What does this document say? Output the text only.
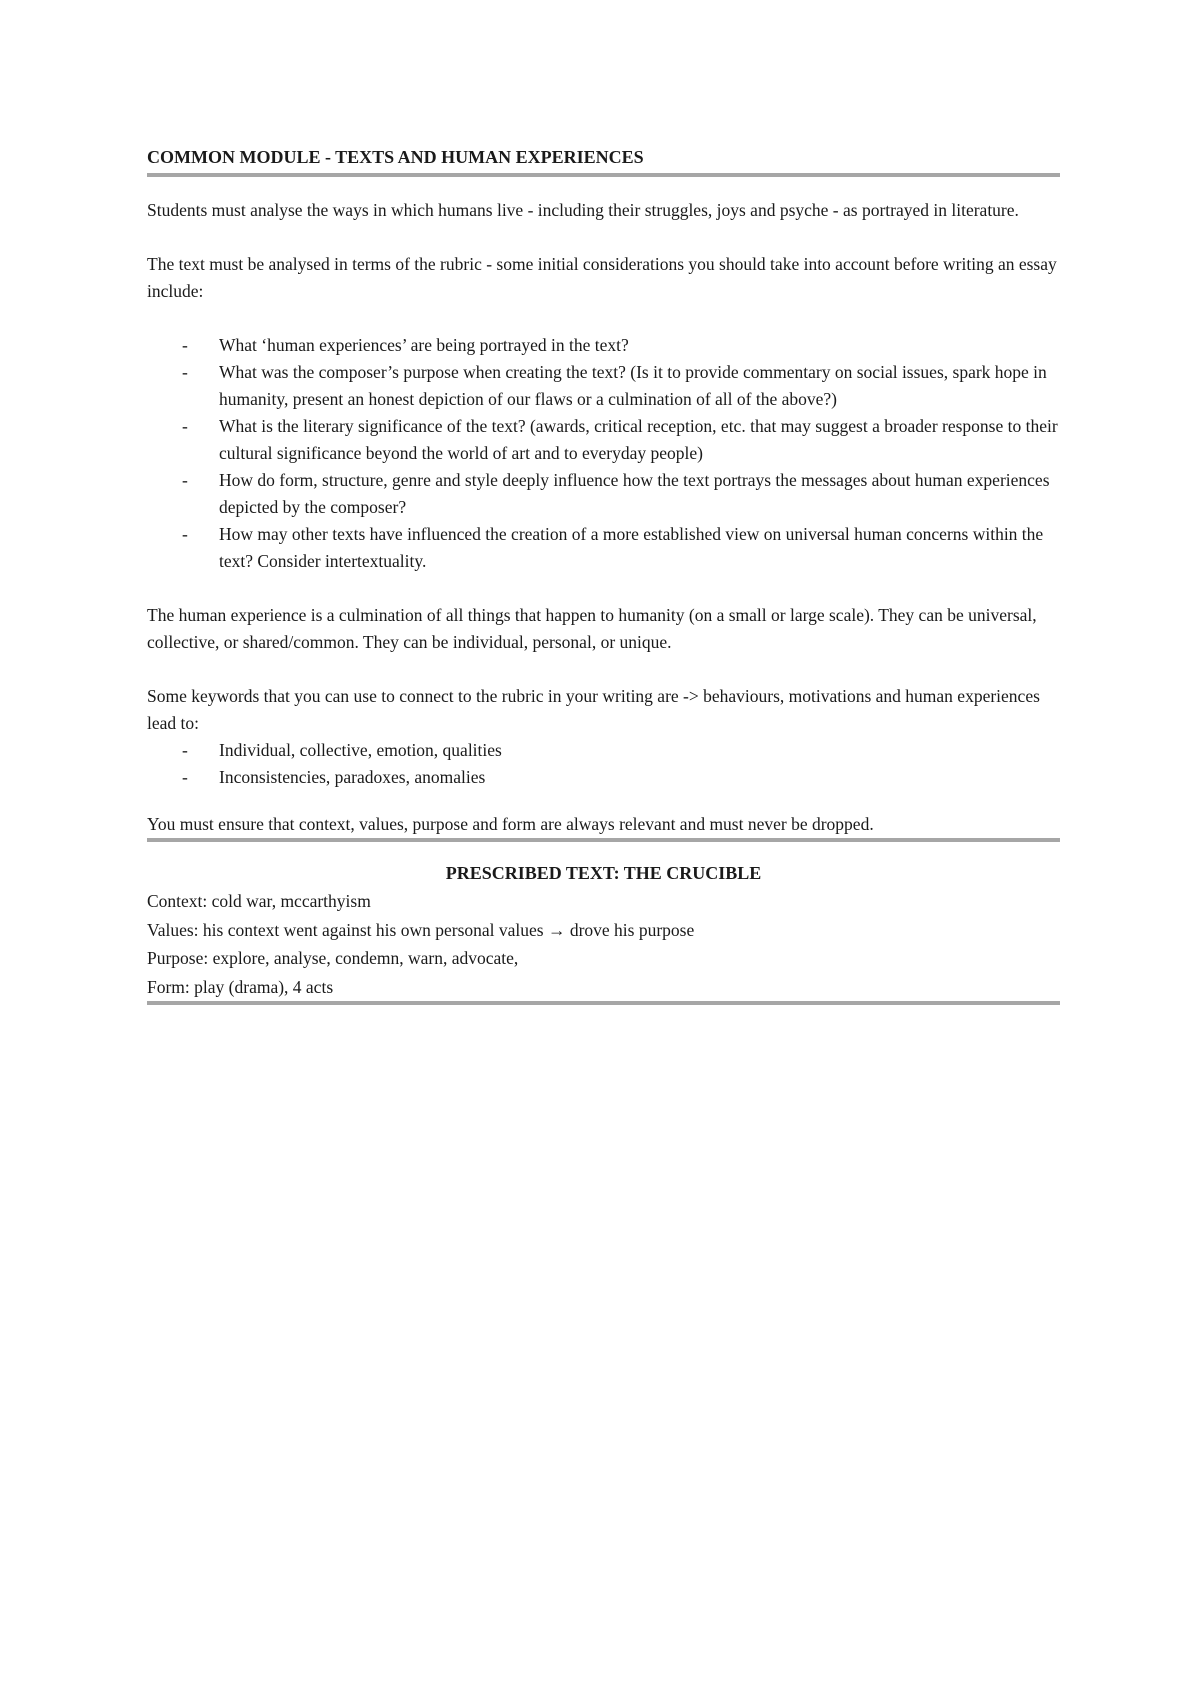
COMMON MODULE - TEXTS AND HUMAN EXPERIENCES

Students must analyse the ways in which humans live - including their struggles, joys and psyche - as portrayed in literature.

The text must be analysed in terms of the rubric - some initial considerations you should take into account before writing an essay include:

- What ‘human experiences’ are being portrayed in the text?
- What was the composer’s purpose when creating the text? (Is it to provide commentary on social issues, spark hope in humanity, present an honest depiction of our flaws or a culmination of all of the above?)
- What is the literary significance of the text? (awards, critical reception, etc. that may suggest a broader response to their cultural significance beyond the world of art and to everyday people)
- How do form, structure, genre and style deeply influence how the text portrays the messages about human experiences depicted by the composer?
- How may other texts have influenced the creation of a more established view on universal human concerns within the text? Consider intertextuality.

The human experience is a culmination of all things that happen to humanity (on a small or large scale). They can be universal, collective, or shared/common. They can be individual, personal, or unique.

Some keywords that you can use to connect to the rubric in your writing are -> behaviours, motivations and human experiences lead to:

- Individual, collective, emotion, qualities
- Inconsistencies, paradoxes, anomalies

You must ensure that context, values, purpose and form are always relevant and must never be dropped.

PRESCRIBED TEXT: THE CRUCIBLE
Context: cold war, mccarthyism
Values: his context went against his own personal values → drove his purpose
Purpose: explore, analyse, condemn, warn, advocate,
Form: play (drama), 4 acts
